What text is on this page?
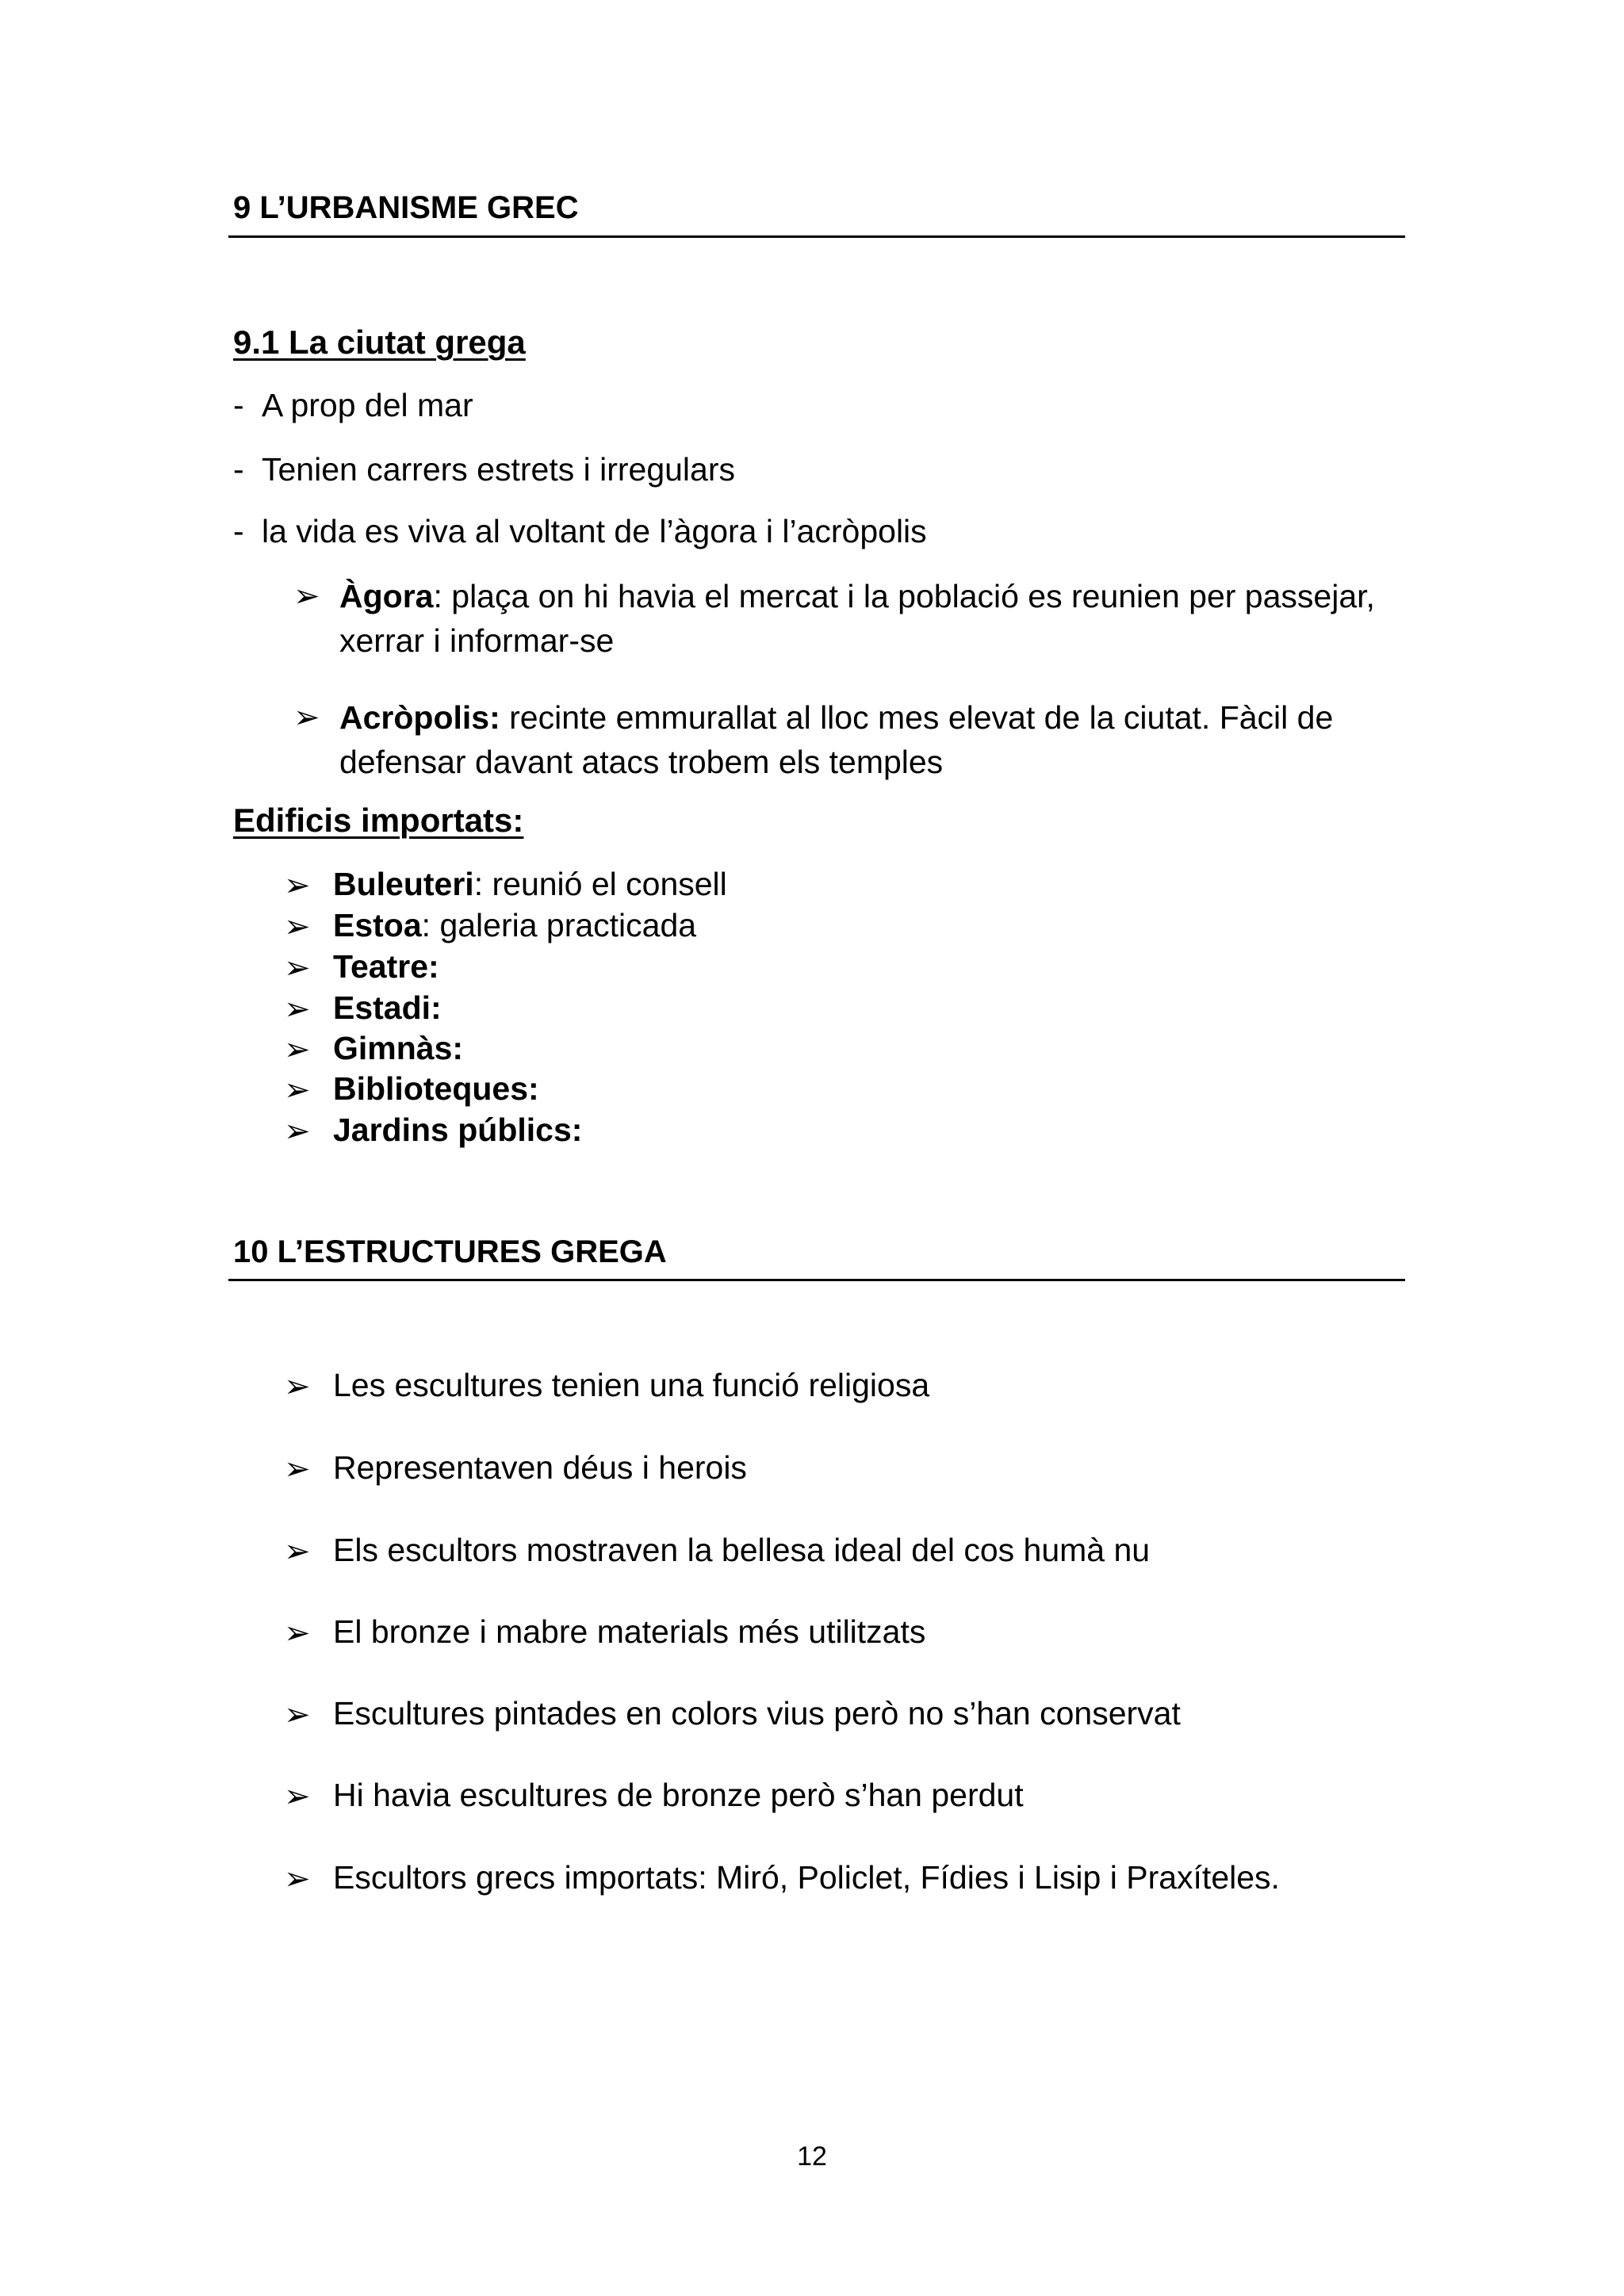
9 L’URBANISME GREC
9.1 La ciutat grega
- A prop del mar
- Tenien carrers estrets i irregulars
- la vida es viva al voltant de l’àgora i l’acròpolis
➢ Àgora: plaça on hi havia el mercat i la població es reunien per passejar, xerrar i informar-se
➢ Acròpolis: recinte emmurallat al lloc mes elevat de la ciutat. Fàcil de defensar davant atacs trobem els temples
Edificis importats:
➢ Buleuteri: reunió el consell
➢ Estoa: galeria practicada
➢ Teatre:
➢ Estadi:
➢ Gimnàs:
➢ Biblioteques:
➢ Jardins públics:
10 L’ESTRUCTURES GREGA
➢ Les escultures tenien una funció religiosa
➢ Representaven déus i herois
➢ Els escultors mostraven la bellesa ideal del cos humà nu
➢ El bronze i mabre materials més utilitzats
➢ Escultures pintades en colors vius però no s’han conservat
➢ Hi havia escultures de bronze però s’han perdut
➢ Escultors grecs importats: Miró, Policlet, Fídies i Lisip i Praxíteles.
12
